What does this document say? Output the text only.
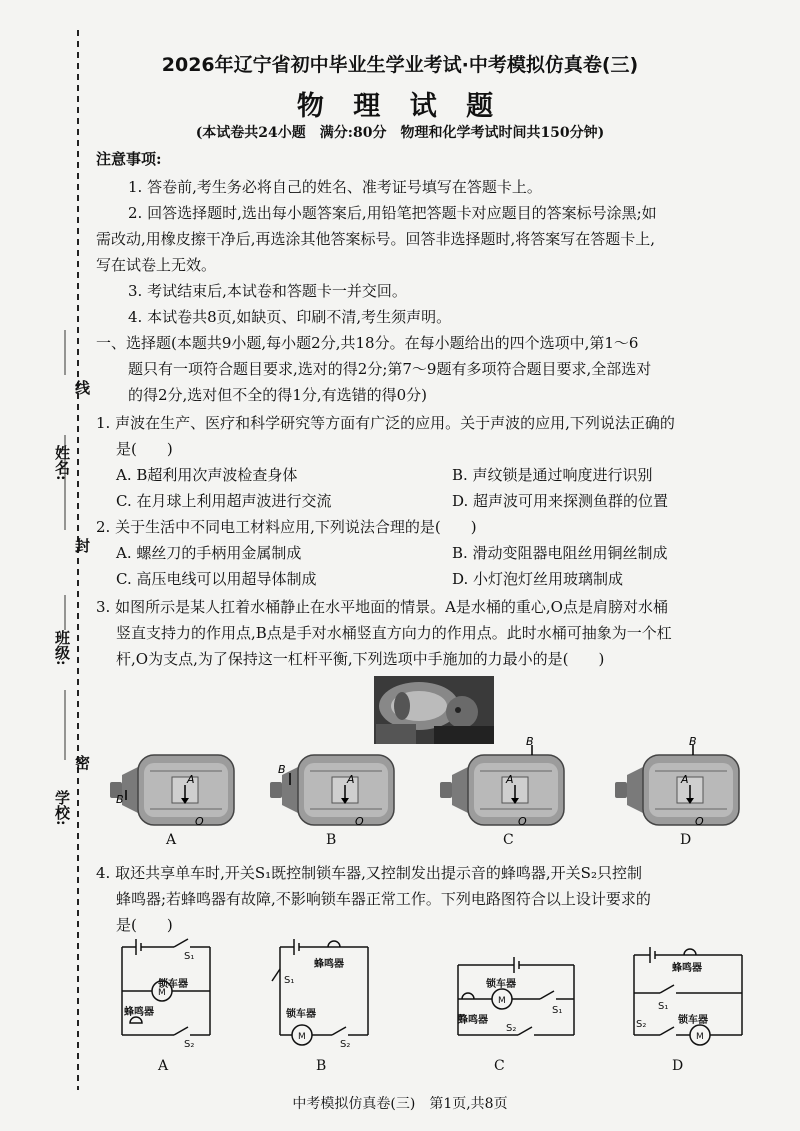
线
姓名:
封
班级:
密
学校:
2026年辽宁省初中毕业生学业考试·中考模拟仿真卷(三)
物 理 试 题
(本试卷共24小题　满分:80分　物理和化学考试时间共150分钟)
注意事项:
1. 答卷前,考生务必将自己的姓名、准考证号填写在答题卡上。
2. 回答选择题时,选出每小题答案后,用铅笔把答题卡对应题目的答案标号涂黑;如
需改动,用橡皮擦干净后,再选涂其他答案标号。回答非选择题时,将答案写在答题卡上,
写在试卷上无效。
3. 考试结束后,本试卷和答题卡一并交回。
4. 本试卷共8页,如缺页、印刷不清,考生须声明。
一、选择题(本题共9小题,每小题2分,共18分。在每小题给出的四个选项中,第1～6
题只有一项符合题目要求,选对的得2分;第7～9题有多项符合题目要求,全部选对
的得2分,选对但不全的得1分,有选错的得0分)
1. 声波在生产、医疗和科学研究等方面有广泛的应用。关于声波的应用,下列说法正确的
是(　　)
A. B超利用次声波检查身体	B. 声纹锁是通过响度进行识别
C. 在月球上利用超声波进行交流	D. 超声波可用来探测鱼群的位置
2. 关于生活中不同电工材料应用,下列说法合理的是(　　)
A. 螺丝刀的手柄用金属制成	B. 滑动变阻器电阻丝用铜丝制成
C. 高压电线可以用超导体制成	D. 小灯泡灯丝用玻璃制成
3. 如图所示是某人扛着水桶静止在水平地面的情景。A是水桶的重心,O点是肩膀对水桶
竖直支持力的作用点,B点是手对水桶竖直方向力的作用点。此时水桶可抽象为一个杠
杆,O为支点,为了保持这一杠杆平衡,下列选项中手施加的力最小的是(　　)
A
B
O
A
B
O
A
B
O
A
B
O
A	B	C	D
4. 取还共享单车时,开关S₁既控制锁车器,又控制发出提示音的蜂鸣器,开关S₂只控制
蜂鸣器;若蜂鸣器有故障,不影响锁车器正常工作。下列电路图符合以上设计要求的
是(　　)
锁车器
M
蜂鸣器
S₁
S₂
蜂鸣器
S₁
锁车器
M
S₂
锁车器
M
蜂鸣器
S₁
S₂
蜂鸣器
S₁
S₂	锁车器
M
A	B	C	D
中考模拟仿真卷(三)　第1页,共8页
